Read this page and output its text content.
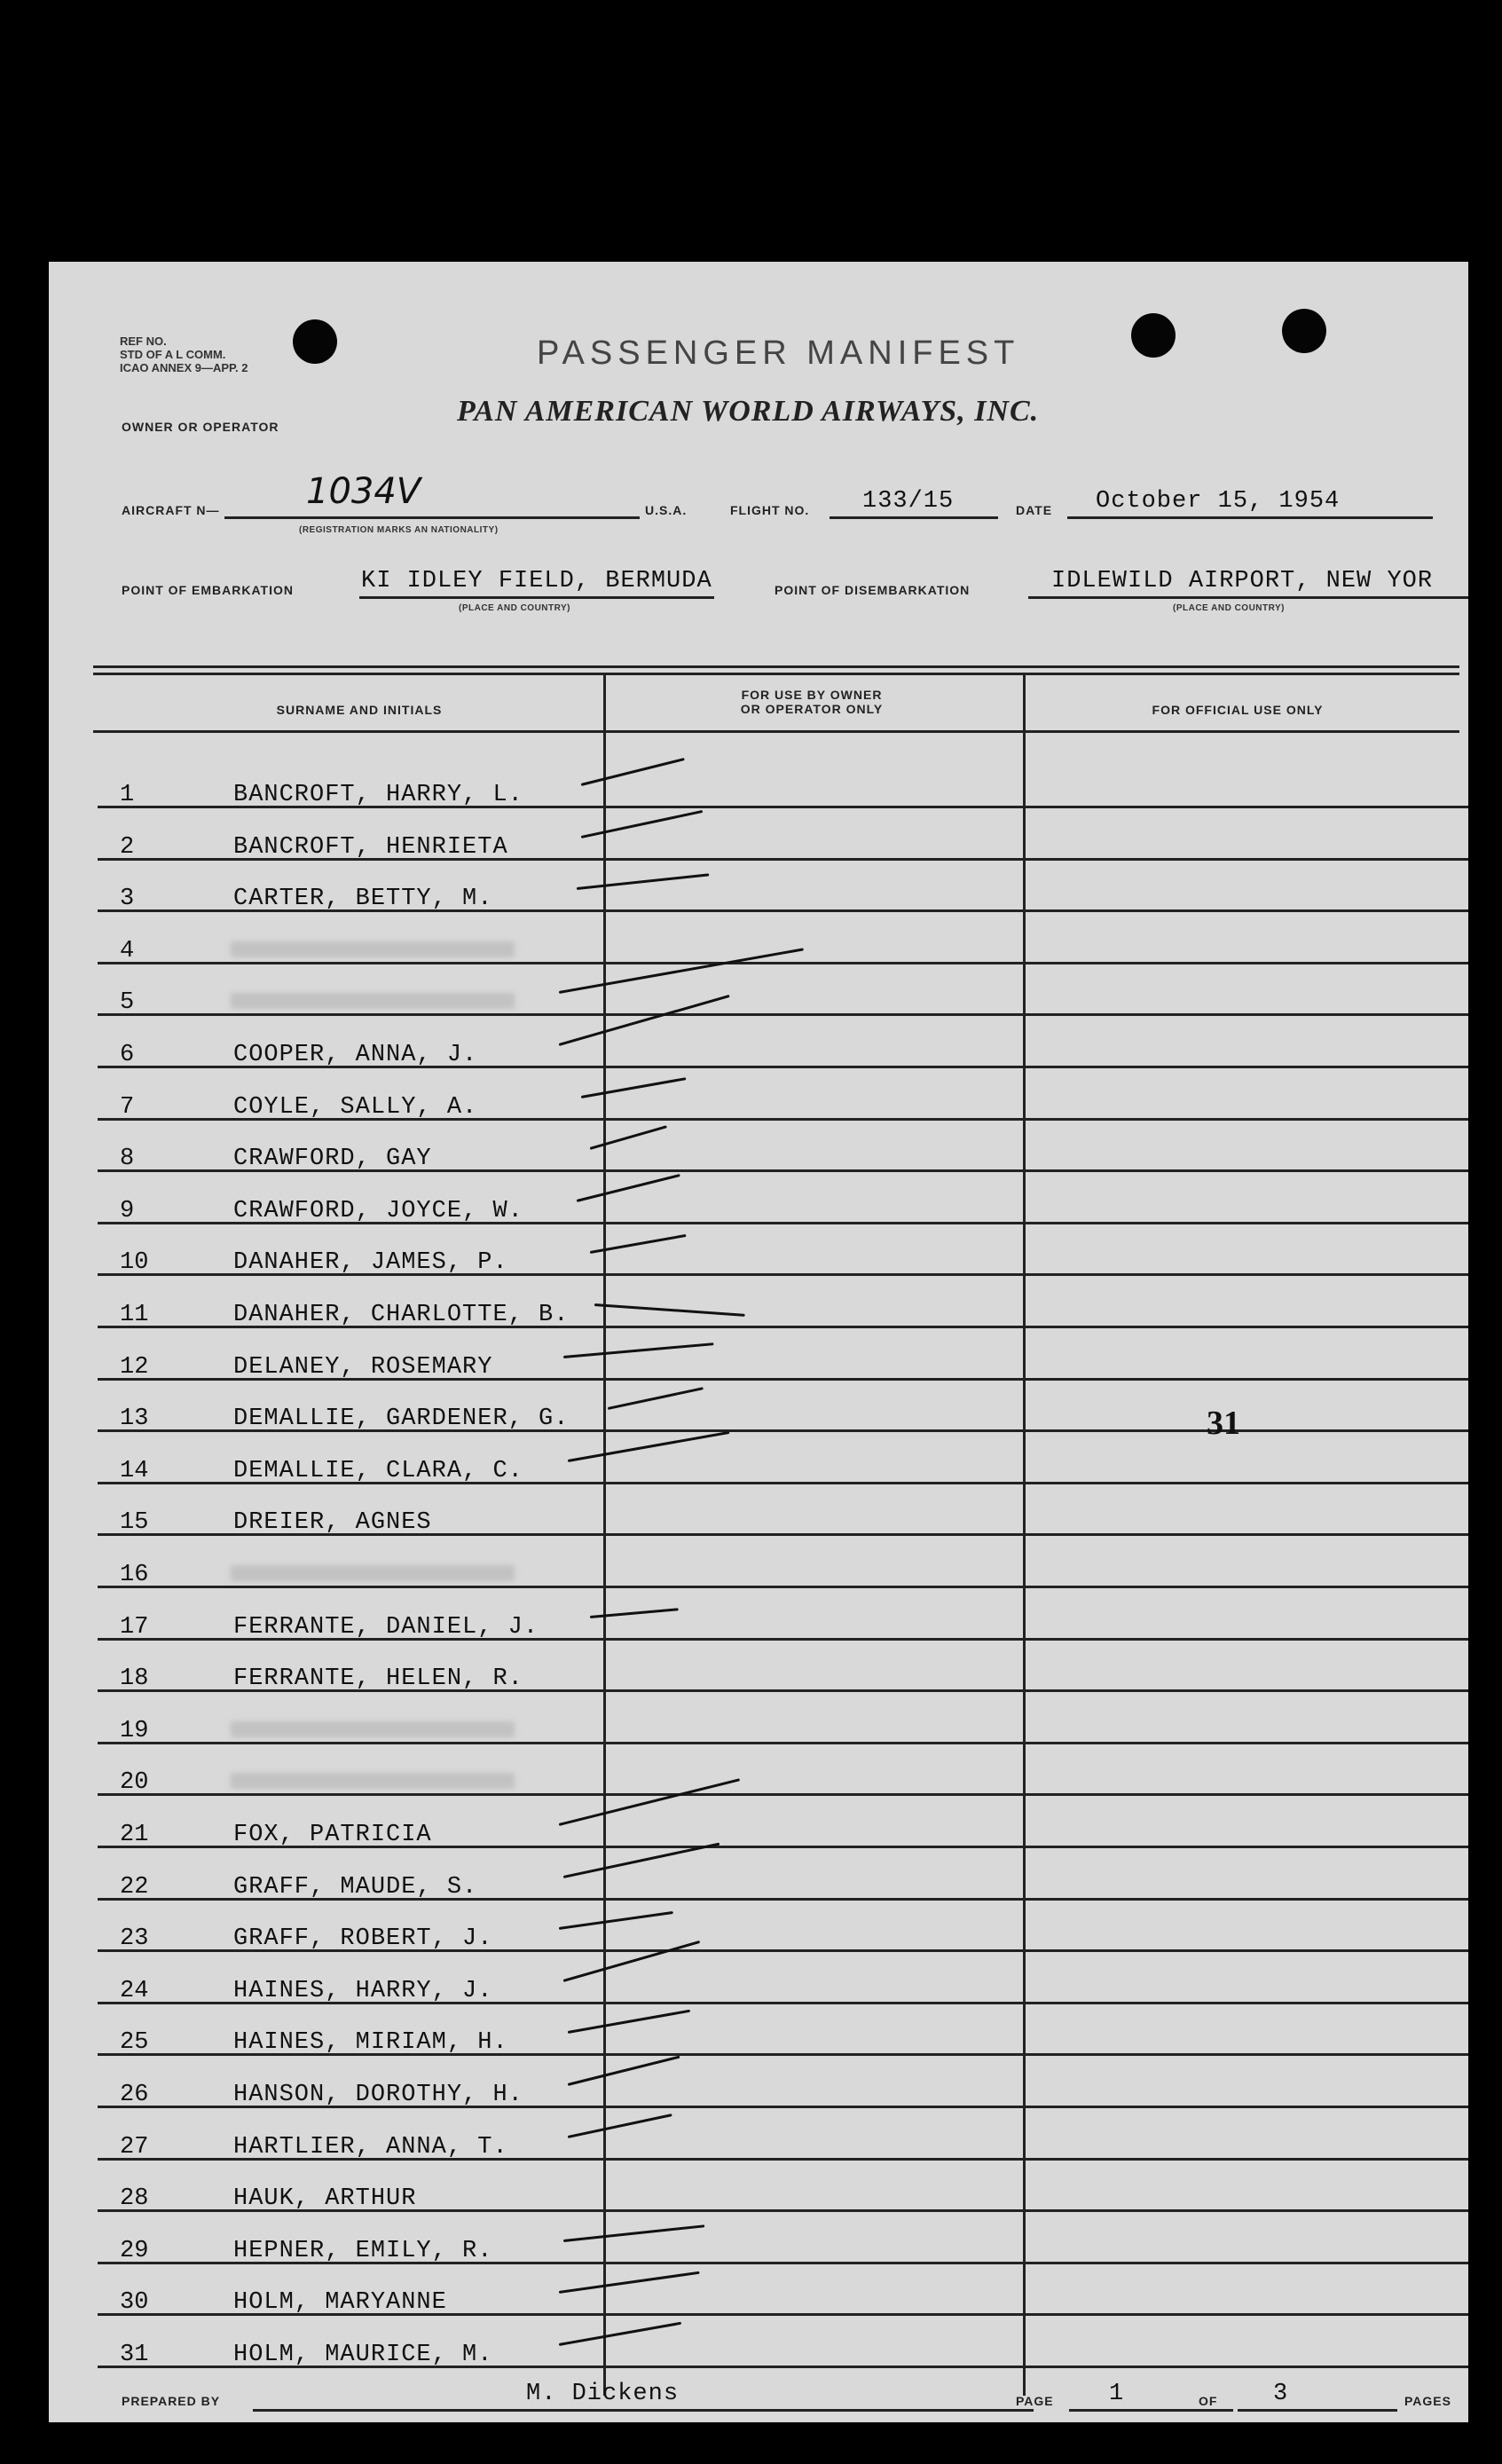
REF NO.
STD OF A L COMM.
ICAO ANNEX 9—APP. 2	PASSENGER MANIFEST
OWNER OR OPERATOR	PAN AMERICAN WORLD AIRWAYS, INC.
AIRCRAFT N— 1034V
(REGISTRATION MARKS AN NATIONALITY)
U.S.A.	FLIGHT NO. 133/15	DATE October 15, 1954
POINT OF EMBARKATION	KI IDLEY FIELD, BERMUDA
(PLACE AND COUNTRY)
POINT OF DISEMBARKATION	IDLEWILD AIRPORT, NEW YOR
(PLACE AND COUNTRY)
SURNAME AND INITIALS
FOR USE BY OWNER
OR OPERATOR ONLY	FOR OFFICIAL USE ONLY
1	BANCROFT, HARRY, L.
2	BANCROFT, HENRIETA
3	CARTER, BETTY, M.
4
5
6	COOPER, ANNA, J.
7	COYLE, SALLY, A.
8	CRAWFORD, GAY
9	CRAWFORD, JOYCE, W.
10	DANAHER, JAMES, P.
11	DANAHER, CHARLOTTE, B.
12	DELANEY, ROSEMARY
13	DEMALLIE, GARDENER, G.
14	DEMALLIE, CLARA, C.
15	DREIER, AGNES
16
17	FERRANTE, DANIEL, J.
18	FERRANTE, HELEN, R.
19
20
21	FOX, PATRICIA
22	GRAFF, MAUDE, S.
23	GRAFF, ROBERT, J.
24	HAINES, HARRY, J.
25	HAINES, MIRIAM, H.
26	HANSON, DOROTHY, H.
27	HARTLIER, ANNA, T.
28	HAUK, ARTHUR
29	HEPNER, EMILY, R.
30	HOLM, MARYANNE
31	HOLM, MAURICE, M.
31
PREPARED BY	M. Dickens	PAGE 1	OF 3	PAGES
